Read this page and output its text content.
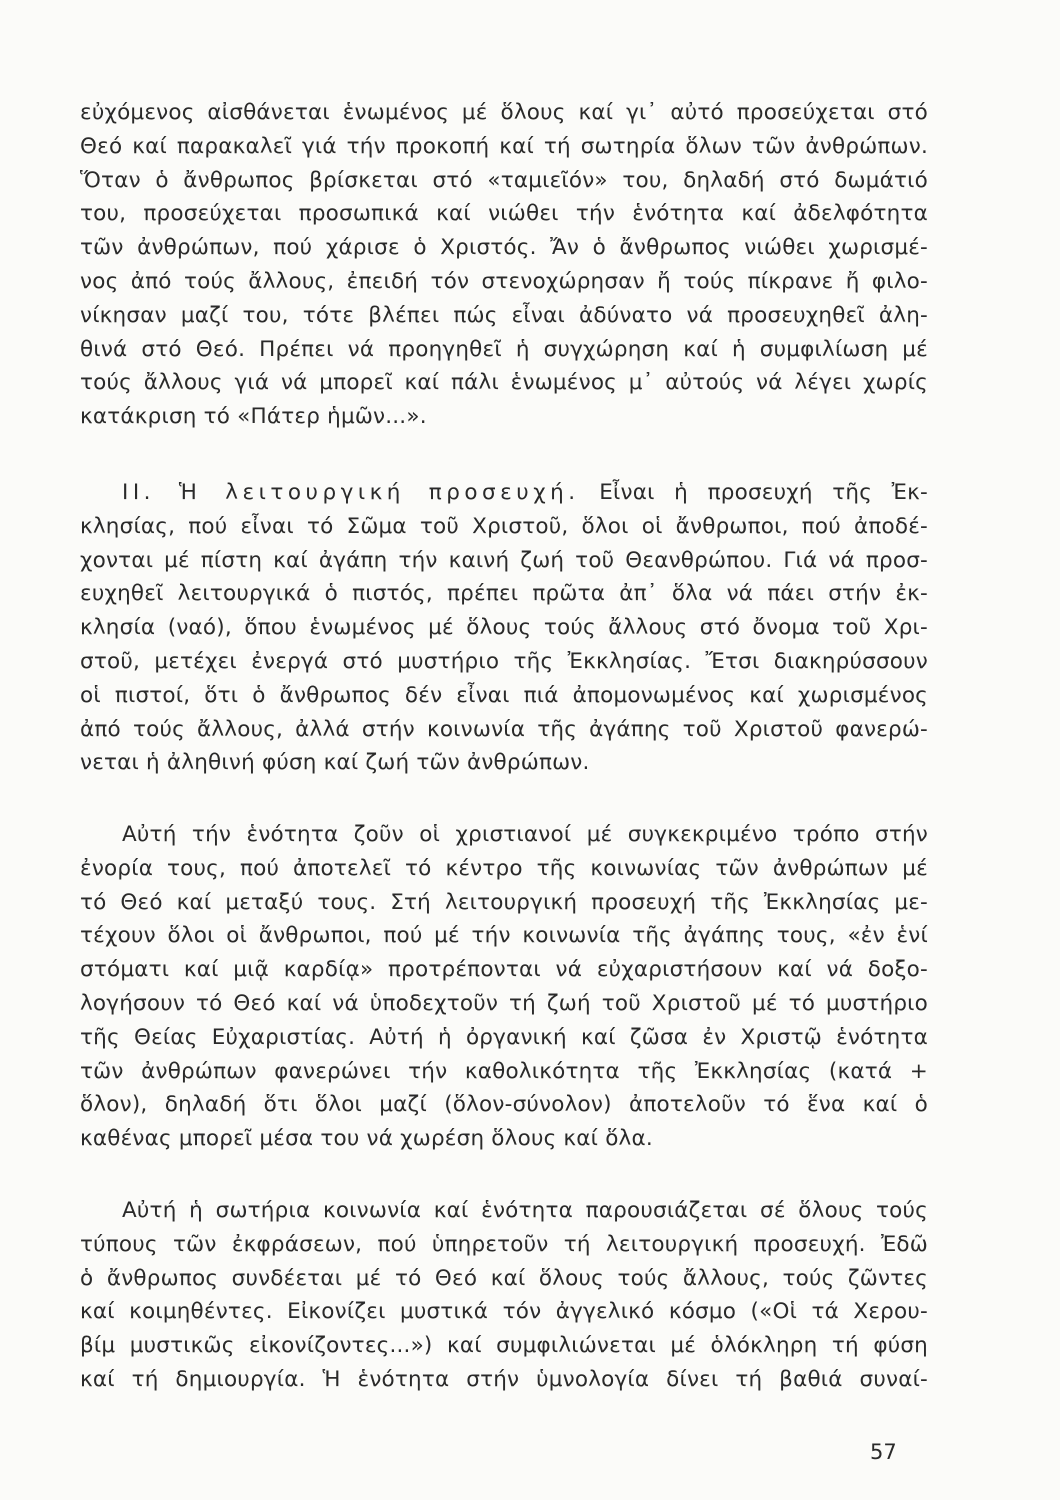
εὐχόμενος αἰσθάνεται ἑνωμένος μέ ὅλους καί γι᾽ αὐτό προσεύχεται στό
Θεό καί παρακαλεῖ γιά τήν προκοπή καί τή σωτηρία ὅλων τῶν ἀνθρώπων.
Ὅταν ὁ ἄνθρωπος βρίσκεται στό «ταμιεῖόν» του, δηλαδή στό δωμάτιό
του, προσεύχεται προσωπικά καί νιώθει τήν ἑνότητα καί ἀδελφότητα
τῶν ἀνθρώπων, πού χάρισε ὁ Χριστός. Ἄν ὁ ἄνθρωπος νιώθει χωρισμέ-
νος ἀπό τούς ἄλλους, ἐπειδή τόν στενοχώρησαν ἤ τούς πίκρανε ἤ φιλο-
νίκησαν μαζί του, τότε βλέπει πώς εἶναι ἀδύνατο νά προσευχηθεῖ ἀλη-
θινά στό Θεό. Πρέπει νά προηγηθεῖ ἡ συγχώρηση καί ἡ συμφιλίωση μέ
τούς ἄλλους γιά νά μπορεῖ καί πάλι ἑνωμένος μ᾽ αὐτούς νά λέγει χωρίς
κατάκριση τό «Πάτερ ἡμῶν...».
ΙΙ. Ἡ λειτουργική προσευχή. Εἶναι ἡ προσευχή τῆς Ἐκ-
κλησίας, πού εἶναι τό Σῶμα τοῦ Χριστοῦ, ὅλοι οἱ ἄνθρωποι, πού ἀποδέ-
χονται μέ πίστη καί ἀγάπη τήν καινή ζωή τοῦ Θεανθρώπου. Γιά νά προσ-
ευχηθεῖ λειτουργικά ὁ πιστός, πρέπει πρῶτα ἀπ᾽ ὅλα νά πάει στήν ἐκ-
κλησία (ναό), ὅπου ἑνωμένος μέ ὅλους τούς ἄλλους στό ὄνομα τοῦ Χρι-
στοῦ, μετέχει ἐνεργά στό μυστήριο τῆς Ἐκκλησίας. Ἔτσι διακηρύσσουν
οἱ πιστοί, ὅτι ὁ ἄνθρωπος δέν εἶναι πιά ἀπομονωμένος καί χωρισμένος
ἀπό τούς ἄλλους, ἀλλά στήν κοινωνία τῆς ἀγάπης τοῦ Χριστοῦ φανερώ-
νεται ἡ ἀληθινή φύση καί ζωή τῶν ἀνθρώπων.
Αὐτή τήν ἑνότητα ζοῦν οἱ χριστιανοί μέ συγκεκριμένο τρόπο στήν
ἐνορία τους, πού ἀποτελεῖ τό κέντρο τῆς κοινωνίας τῶν ἀνθρώπων μέ
τό Θεό καί μεταξύ τους. Στή λειτουργική προσευχή τῆς Ἐκκλησίας με-
τέχουν ὅλοι οἱ ἄνθρωποι, πού μέ τήν κοινωνία τῆς ἀγάπης τους, «ἐν ἑνί
στόματι καί μιᾷ καρδίᾳ» προτρέπονται νά εὐχαριστήσουν καί νά δοξο-
λογήσουν τό Θεό καί νά ὑποδεχτοῦν τή ζωή τοῦ Χριστοῦ μέ τό μυστήριο
τῆς Θείας Εὐχαριστίας. Αὐτή ἡ ὀργανική καί ζῶσα ἐν Χριστῷ ἑνότητα
τῶν ἀνθρώπων φανερώνει τήν καθολικότητα τῆς Ἐκκλησίας (κατά +
ὅλον), δηλαδή ὅτι ὅλοι μαζί (ὅλον-σύνολον) ἀποτελοῦν τό ἕνα καί ὁ
καθένας μπορεῖ μέσα του νά χωρέση ὅλους καί ὅλα.
Αὐτή ἡ σωτήρια κοινωνία καί ἑνότητα παρουσιάζεται σέ ὅλους τούς
τύπους τῶν ἐκφράσεων, πού ὑπηρετοῦν τή λειτουργική προσευχή. Ἐδῶ
ὁ ἄνθρωπος συνδέεται μέ τό Θεό καί ὅλους τούς ἄλλους, τούς ζῶντες
καί κοιμηθέντες. Εἰκονίζει μυστικά τόν ἀγγελικό κόσμο («Οἱ τά Χερου-
βίμ μυστικῶς εἰκονίζοντες...») καί συμφιλιώνεται μέ ὁλόκληρη τή φύση
καί τή δημιουργία. Ἡ ἑνότητα στήν ὑμνολογία δίνει τή βαθιά συναί-
57
